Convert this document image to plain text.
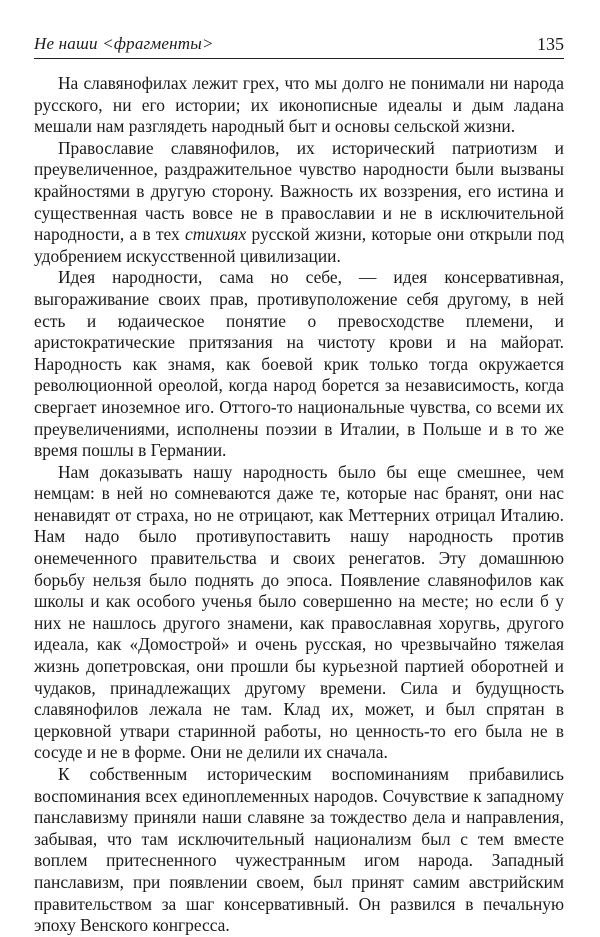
Не наши <фрагменты>	135

На славянофилах лежит грех, что мы долго не понимали ни народа русского, ни его истории; их иконописные идеалы и дым ладана мешали нам разглядеть народный быт и основы сельской жизни.

Православие славянофилов, их исторический патриотизм и преувеличенное, раздражительное чувство народности были вызваны крайностями в другую сторону. Важность их воззрения, его истина и существенная часть вовсе не в православии и не в исключительной народности, а в тех стихиях русской жизни, которые они открыли под удобрением искусственной цивилизации.

Идея народности, сама но себе, — идея консервативная, выгораживание своих прав, противуположение себя другому, в ней есть и юдаическое понятие о превосходстве племени, и аристократические притязания на чистоту крови и на майорат. Народность как знамя, как боевой крик только тогда окружается революционной ореолой, когда народ борется за независимость, когда свергает иноземное иго. Оттого-то национальные чувства, со всеми их преувеличениями, исполнены поэзии в Италии, в Польше и в то же время пошлы в Германии.

Нам доказывать нашу народность было бы еще смешнее, чем немцам: в ней но сомневаются даже те, которые нас бранят, они нас ненавидят от страха, но не отрицают, как Меттерних отрицал Италию. Нам надо было противупоставить нашу народность против онемеченного правительства и своих ренегатов. Эту домашнюю борьбу нельзя было поднять до эпоса. Появление славянофилов как школы и как особого ученья было совершенно на месте; но если б у них не нашлось другого знамени, как православная хоругвь, другого идеала, как «Домострой» и очень русская, но чрезвычайно тяжелая жизнь допетровская, они прошли бы курьезной партией оборотней и чудаков, принадлежащих другому времени. Сила и будущность славянофилов лежала не там. Клад их, может, и был спрятан в церковной утвари старинной работы, но ценность-то его была не в сосуде и не в форме. Они не делили их сначала.

К собственным историческим воспоминаниям прибавились воспоминания всех единоплеменных народов. Сочувствие к западному панславизму приняли наши славяне за тождество дела и направления, забывая, что там исключительный национализм был с тем вместе воплем притесненного чужестранным игом народа. Западный панславизм, при появлении своем, был принят самим австрийским правительством за шаг консервативный. Он развился в печальную эпоху Венского конгресса.
